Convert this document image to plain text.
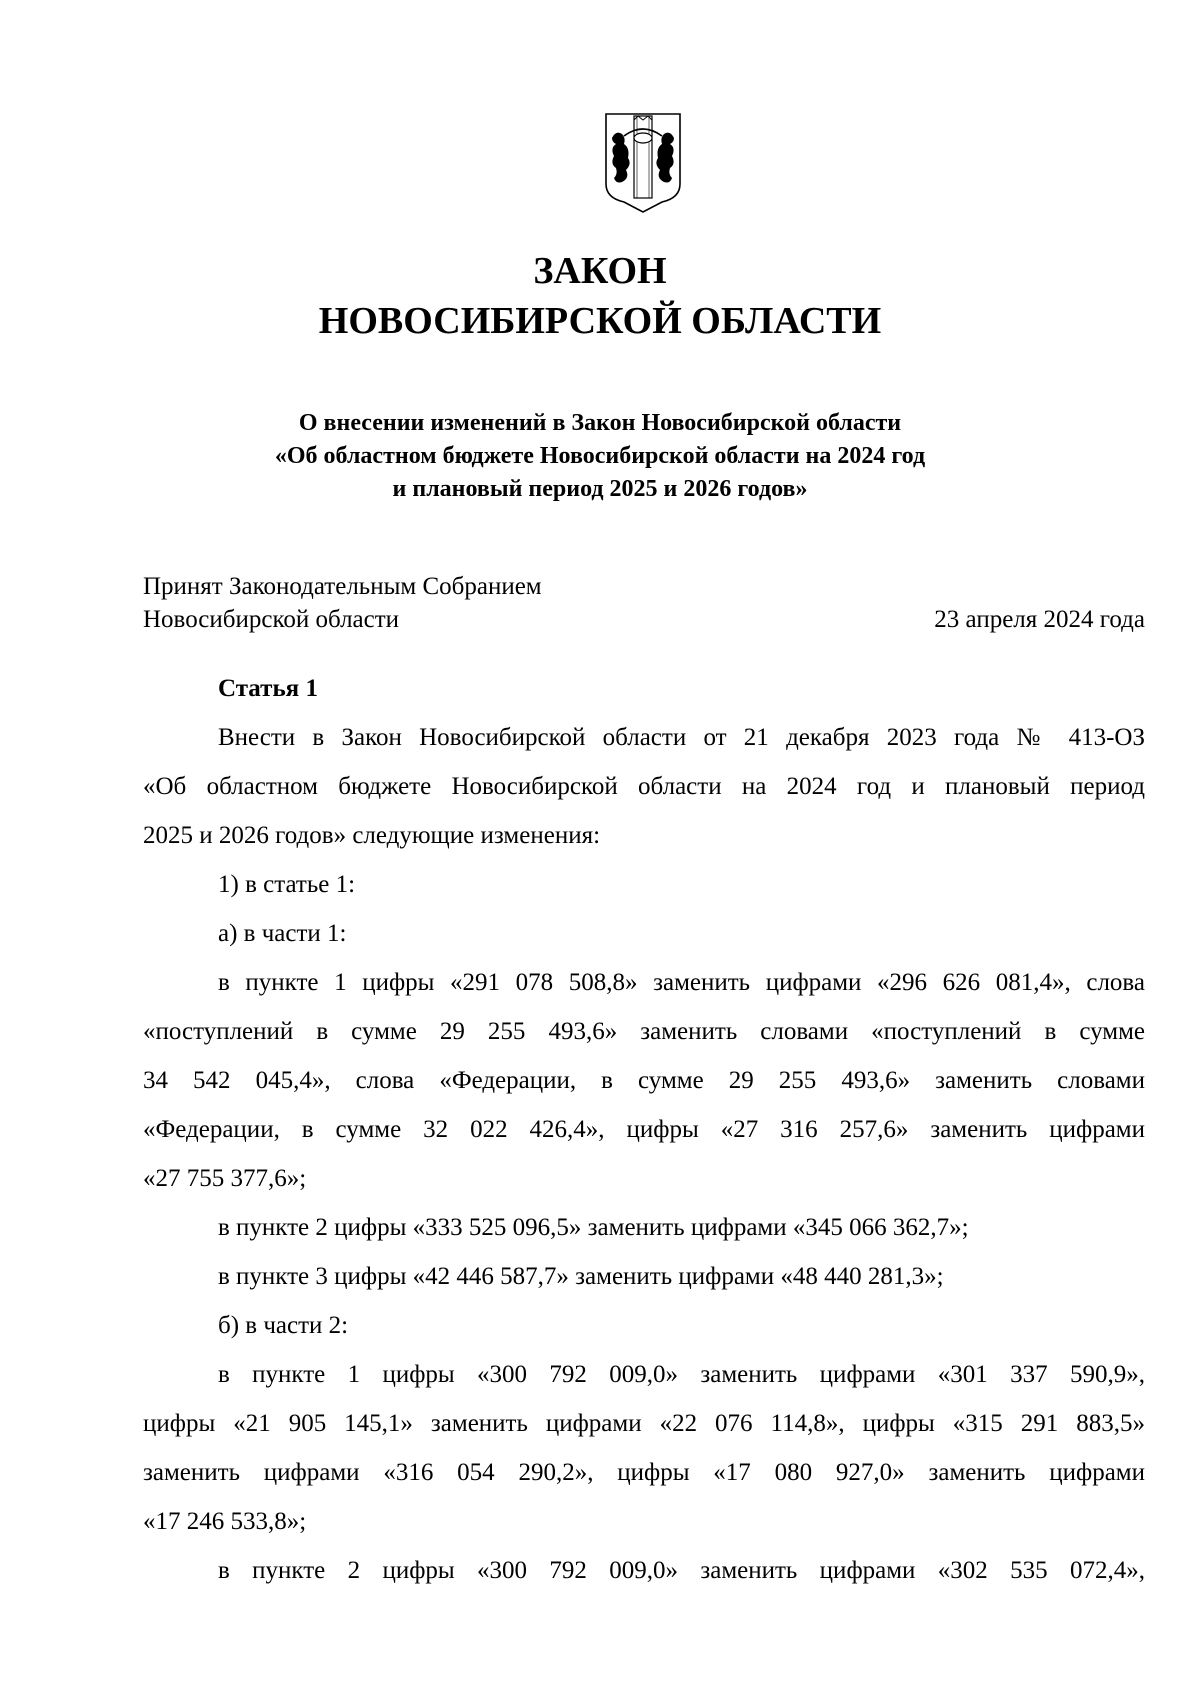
ЗАКОН
НОВОСИБИРСКОЙ ОБЛАСТИ
О внесении изменений в Закон Новосибирской области
«Об областном бюджете Новосибирской области на 2024 год
и плановый период 2025 и 2026 годов»
Принят Законодательным Собранием
Новосибирской области	23 апреля 2024 года
Статья 1
Внести в Закон Новосибирской области от 21 декабря 2023 года № 413-ОЗ
«Об областном бюджете Новосибирской области на 2024 год и плановый период
2025 и 2026 годов» следующие изменения:
1) в статье 1:
а) в части 1:
в пункте 1 цифры «291 078 508,8» заменить цифрами «296 626 081,4», слова
«поступлений в сумме 29 255 493,6» заменить словами «поступлений в сумме
34 542 045,4», слова «Федерации, в сумме 29 255 493,6» заменить словами
«Федерации, в сумме 32 022 426,4», цифры «27 316 257,6» заменить цифрами
«27 755 377,6»;
в пункте 2 цифры «333 525 096,5» заменить цифрами «345 066 362,7»;
в пункте 3 цифры «42 446 587,7» заменить цифрами «48 440 281,3»;
б) в части 2:
в пункте 1 цифры «300 792 009,0» заменить цифрами «301 337 590,9»,
цифры «21 905 145,1» заменить цифрами «22 076 114,8», цифры «315 291 883,5»
заменить цифрами «316 054 290,2», цифры «17 080 927,0» заменить цифрами
«17 246 533,8»;
в пункте 2 цифры «300 792 009,0» заменить цифрами «302 535 072,4»,
